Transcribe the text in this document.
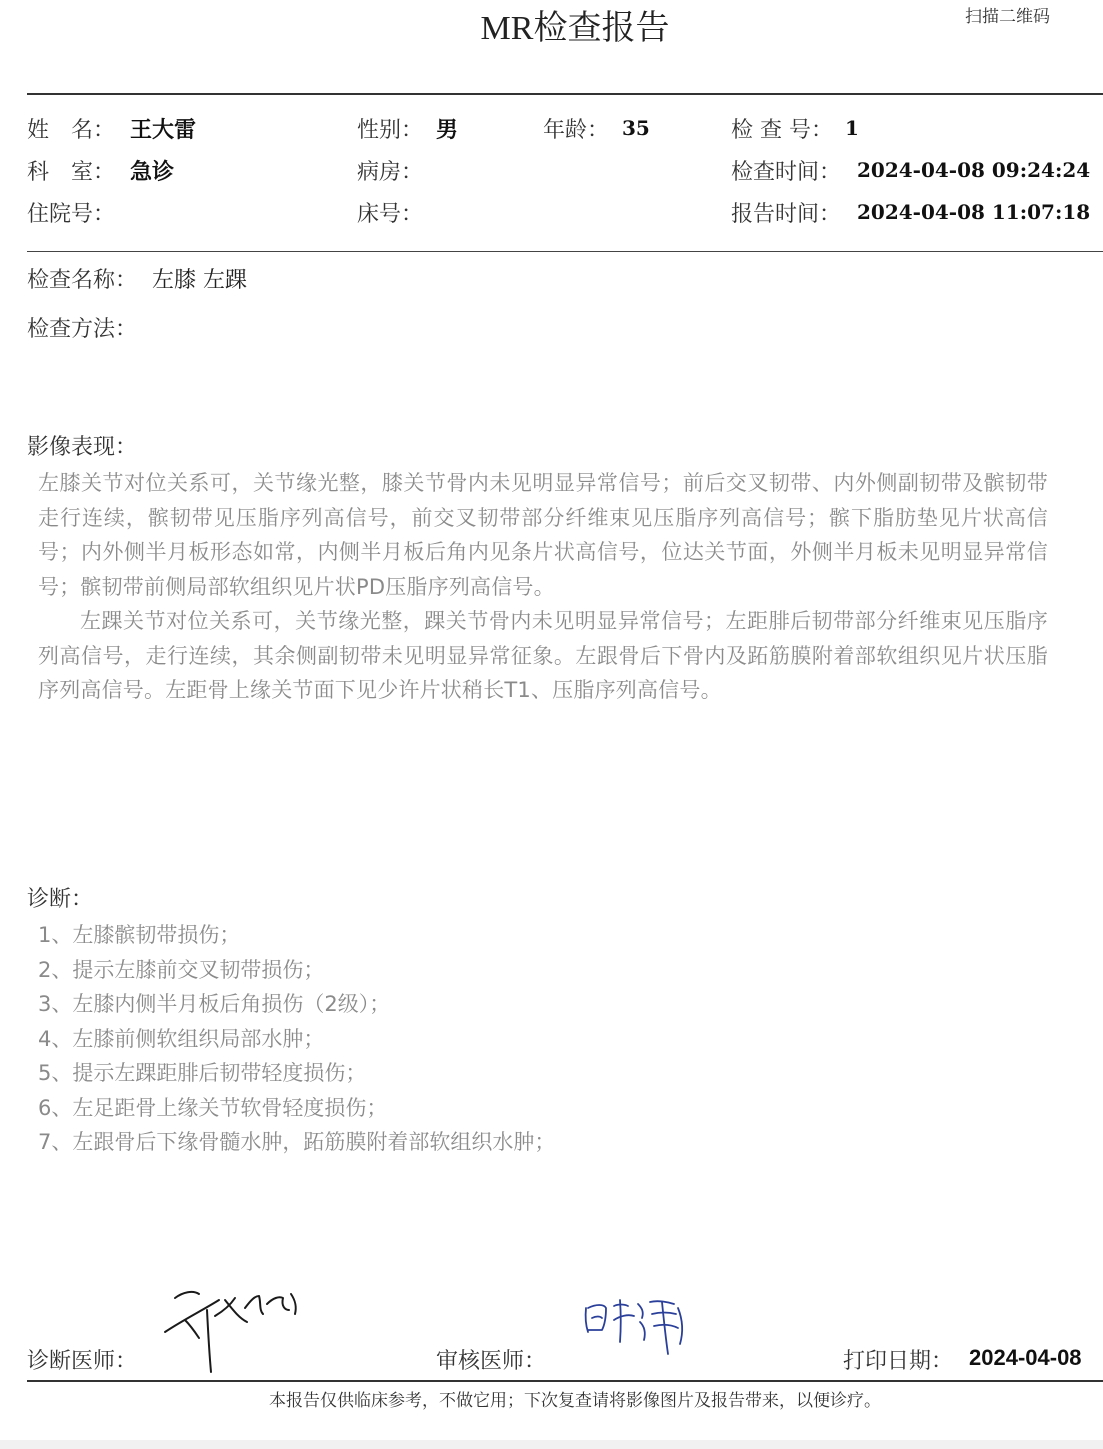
MR检查报告	扫描二维码
姓　名： 王大雷	性别： 男	年龄： 35	检 查 号： 1
科　室： 急诊	病房：	检查时间： 2024-04-08 09:24:24
住院号：	床号：	报告时间： 2024-04-08 11:07:18
检查名称： 左膝 左踝
检查方法：
影像表现：

左膝关节对位关系可，关节缘光整，膝关节骨内未见明显异常信号；前后交叉韧带、内外侧副韧带及髌韧带走行连续，髌韧带见压脂序列高信号，前交叉韧带部分纤维束见压脂序列高信号；髌下脂肪垫见片状高信号；内外侧半月板形态如常，内侧半月板后角内见条片状高信号，位达关节面，外侧半月板未见明显异常信号；髌韧带前侧局部软组织见片状PD压脂序列高信号。

左踝关节对位关系可，关节缘光整，踝关节骨内未见明显异常信号；左距腓后韧带部分纤维束见压脂序列高信号，走行连续，其余侧副韧带未见明显异常征象。左跟骨后下骨内及跖筋膜附着部软组织见片状压脂序列高信号。左距骨上缘关节面下见少许片状稍长T1、压脂序列高信号。

诊断：
1、左膝髌韧带损伤；
2、提示左膝前交叉韧带损伤；
3、左膝内侧半月板后角损伤（2级）；
4、左膝前侧软组织局部水肿；
5、提示左踝距腓后韧带轻度损伤；
6、左足距骨上缘关节软骨轻度损伤；
7、左跟骨后下缘骨髓水肿，跖筋膜附着部软组织水肿；
诊断医师：	审核医师：	打印日期： 2024-04-08
本报告仅供临床参考，不做它用；下次复查请将影像图片及报告带来，以便诊疗。
